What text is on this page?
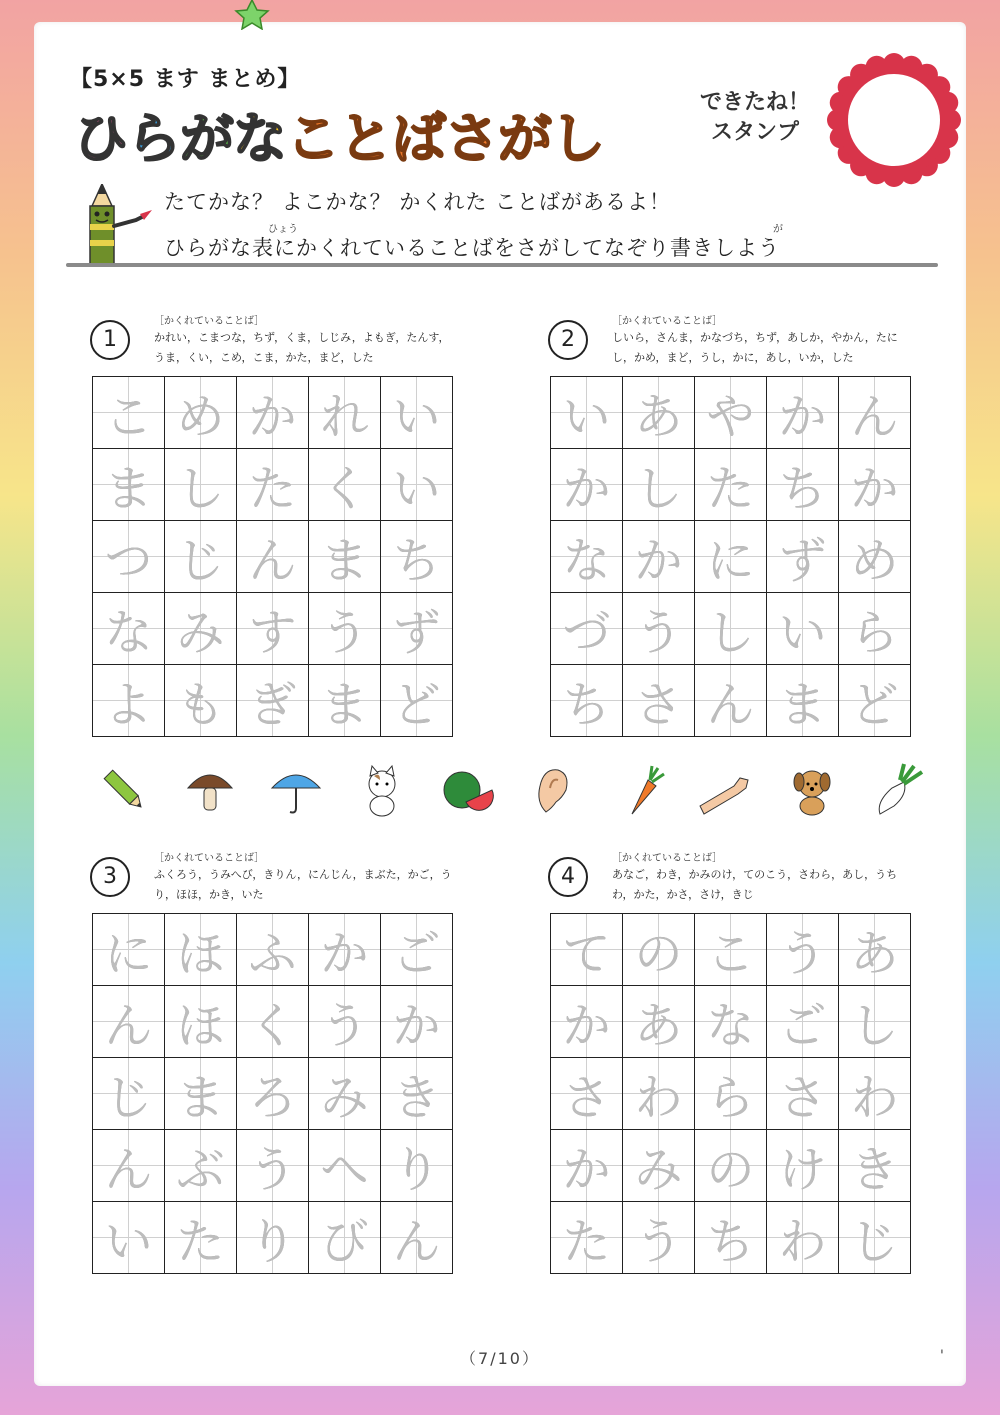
【5×5 ます まとめ】
ひらがなことばさがし
できたね！
スタンプ
たてかな？ よこかな？ かくれた ことばがあるよ！
ひょう	が
ひらがな表にかくれていることばをさがしてなぞり書きしよう
1
［かくれていることば］
かれい，こまつな，ちず，くま，しじみ，よもぎ，たんす，うま，くい，こめ，こま，かた，まど，した
こ め か れ い
ま し た く い
つ じ ん ま ち
な み す う ず
よ も ぎ ま ど
2
［かくれていることば］
しいら，さんま，かなづち，ちず，あしか，やかん，たにし，かめ，まど，うし，かに，あし，いか，した
い あ や か ん
か し た ち か
な か に ず め
づ う し い ら
ち さ ん ま ど
3
［かくれていることば］
ふくろう，うみへび，きりん，にんじん，まぶた，かご，うり，ほほ，かき，いた
に ほ ふ か ご
ん ほ く う か
じ ま ろ み き
ん ぶ う へ り
い た り び ん
4
［かくれていることば］
あなご，わき，かみのけ，てのこう，さわら，あし，うちわ，かた，かさ，さけ，きじ
て の こ う あ
か あ な ご し
さ わ ら さ わ
か み の け き
た う ち わ じ
（7/10）	'
